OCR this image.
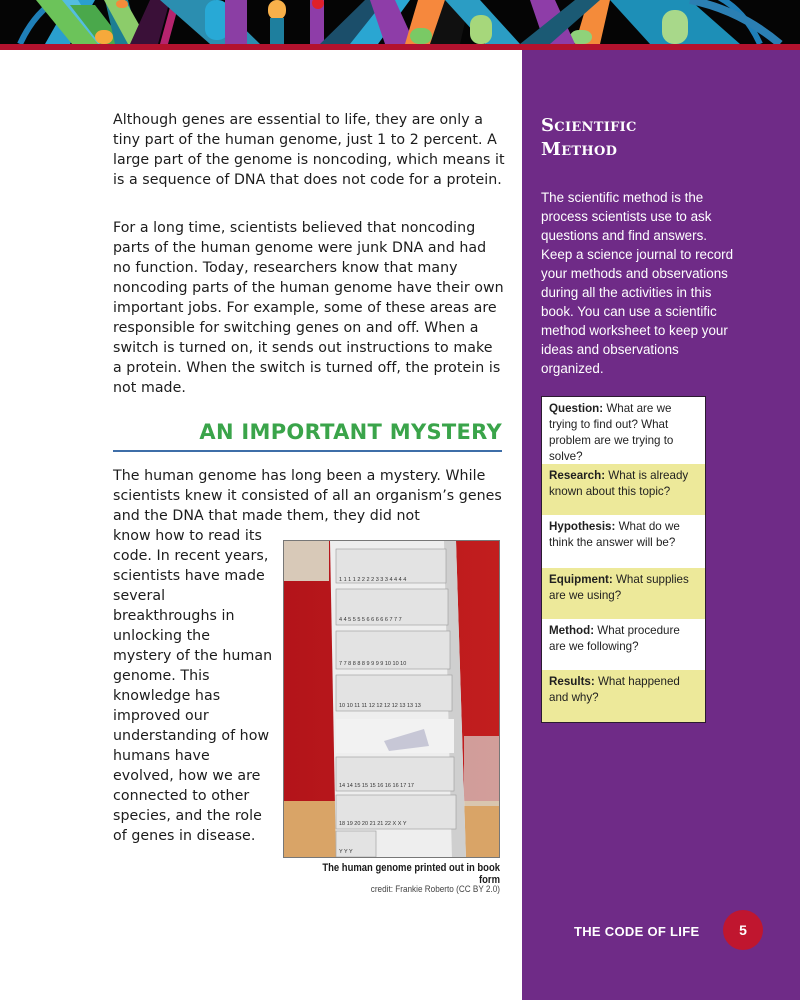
Although genes are essential to life, they are only a tiny part of the human genome, just 1 to 2 percent. A large part of the genome is noncoding, which means it is a sequence of DNA that does not code for a protein.

For a long time, scientists believed that noncoding parts of the human genome were junk DNA and had no function. Today, researchers know that many noncoding parts of the human genome have their own important jobs. For example, some of these areas are responsible for switching genes on and off. When a switch is turned on, it sends out instructions to make a protein. When the switch is turned off, the protein is not made.

AN IMPORTANT MYSTERY

The human genome has long been a mystery. While scientists knew it consisted of all an organism’s genes and the DNA that made them, they did not

know how to read its code. In recent years, scientists have made several breakthroughs in unlocking the mystery of the human genome. This knowledge has improved our understanding of how humans have evolved, how we are connected to other species, and the role of genes in disease.

1 1 1 1 2 2 2 2 3 3 3 4 4 4 4
4 4 5 5 5 5 6 6 6 6 6 7 7 7
7 7 8 8 8 8 9 9 9 9 10 10 10
10 10 11 11 12 12 12 12 13 13 13
14 14 15 15 15 16 16 16 17 17
18 19 20 20 21 21 22 X X Y
Y Y Y

The human genome printed out in book form

credit: Frankie Roberto (CC BY 2.0)

Scientific
Method

The scientific method is the process scientists use to ask questions and find answers. Keep a science journal to record your methods and observations during all the activities in this book. You can use a scientific method worksheet to keep your ideas and observations organized.

Question: What are we trying to find out? What problem are we trying to solve?
Research: What is already known about this topic?
Hypothesis: What do we think the answer will be?
Equipment: What supplies are we using?
Method: What procedure are we following?
Results: What happened and why?
THE CODE OF LIFE	5
